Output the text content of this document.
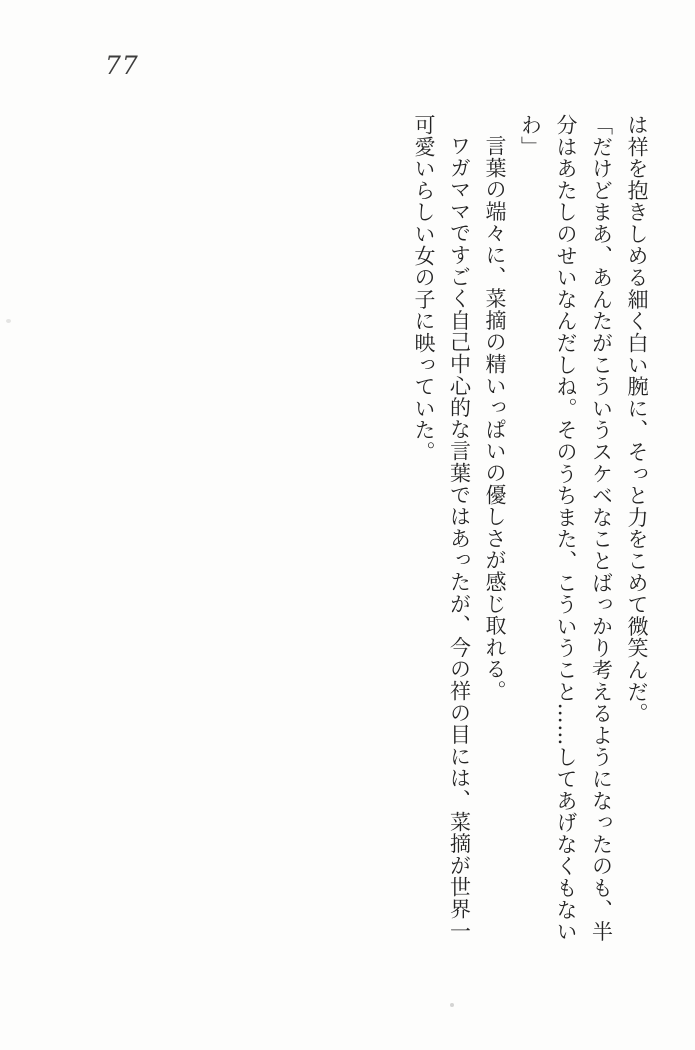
77

は祥を抱きしめる細く白い腕に、そっと力をこめて微笑んだ。

「だけどまあ、あんたがこういうスケベなことばっかり考えるようになったのも、半分はあたしのせいなんだしね。そのうちまた、こういうこと……してあげなくもないわ」

言葉の端々に、菜摘の精いっぱいの優しさが感じ取れる。

ワガママですごく自己中心的な言葉ではあったが、今の祥の目には、菜摘が世界一可愛いらしい女の子に映っていた。
